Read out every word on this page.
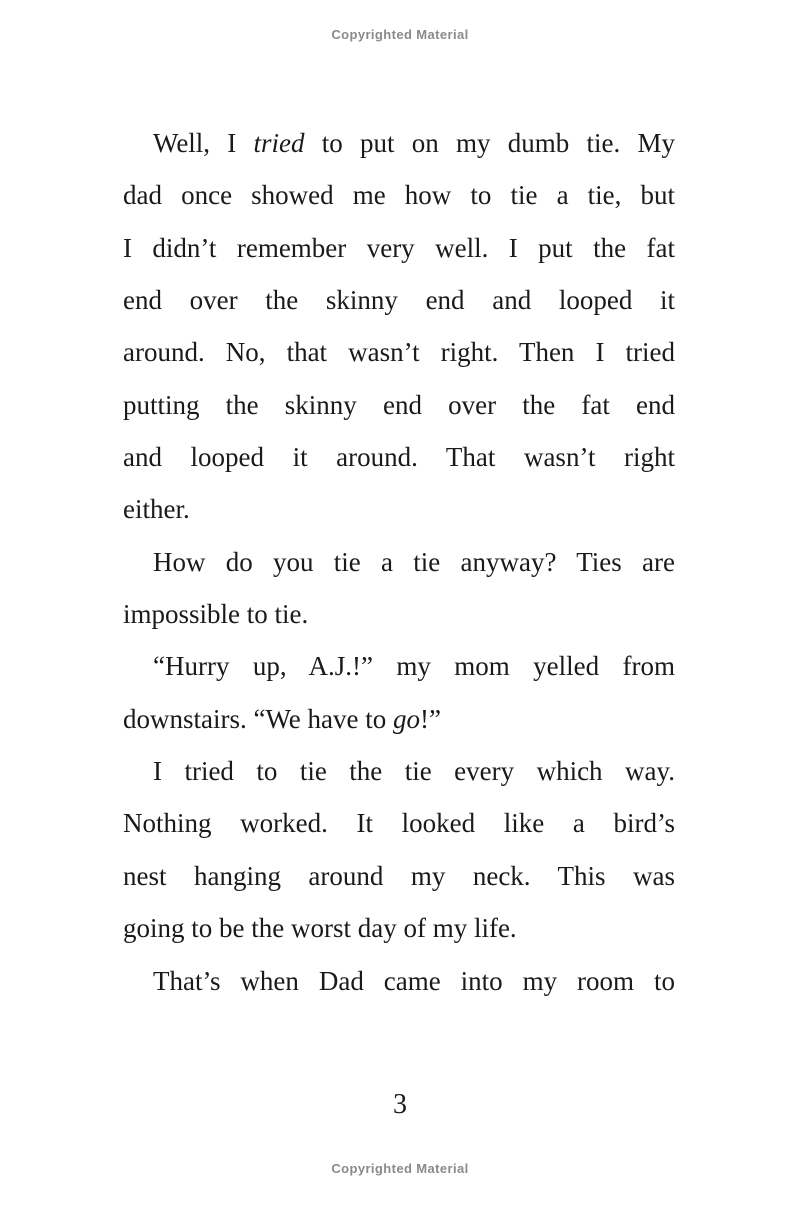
Copyrighted Material
Well, I tried to put on my dumb tie. My
dad once showed me how to tie a tie, but
I didn’t remember very well. I put the fat
end over the skinny end and looped it
around. No, that wasn’t right. Then I tried
putting the skinny end over the fat end
and looped it around. That wasn’t right
either.
How do you tie a tie anyway? Ties are
impossible to tie.
“Hurry up, A.J.!” my mom yelled from
downstairs. “We have to go!”
I tried to tie the tie every which way.
Nothing worked. It looked like a bird’s
nest hanging around my neck. This was
going to be the worst day of my life.
That’s when Dad came into my room to
3
Copyrighted Material
